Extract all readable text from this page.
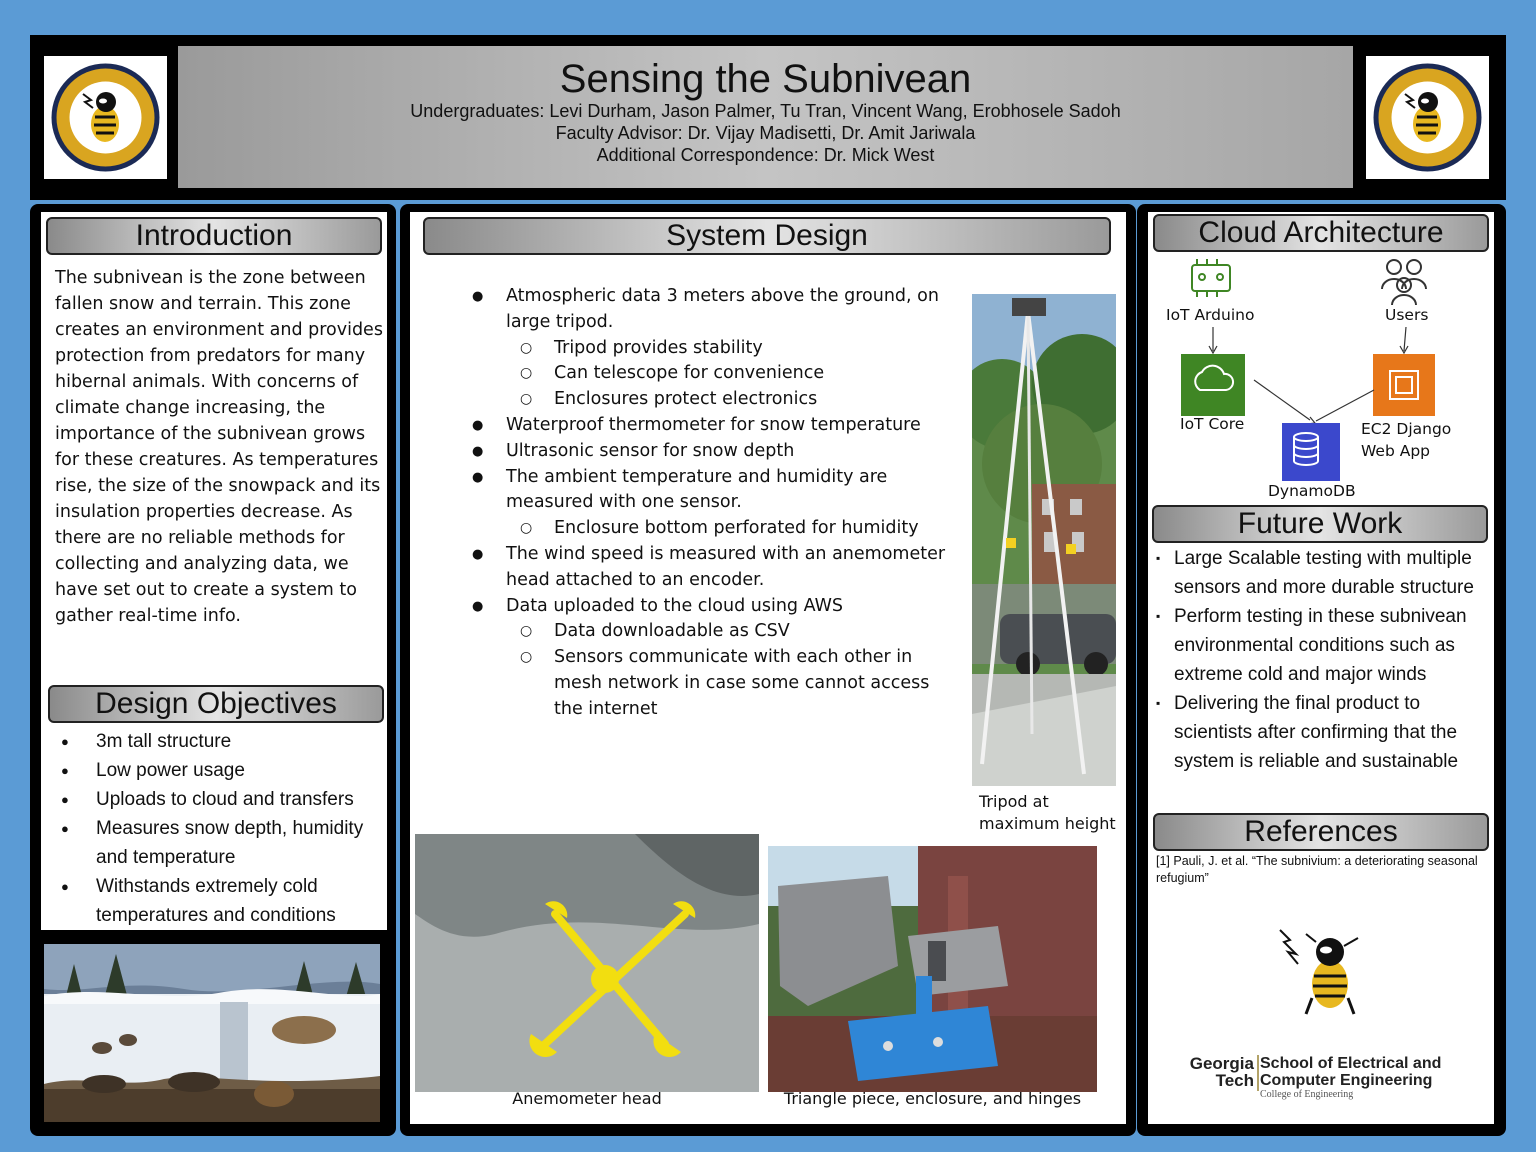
Sensing the Subnivean
Undergraduates: Levi Durham, Jason Palmer, Tu Tran, Vincent Wang, Erobhosele Sadoh
Faculty Advisor: Dr. Vijay Madisetti, Dr. Amit Jariwala
Additional Correspondence: Dr. Mick West
Introduction
The subnivean is the zone between
fallen snow and terrain. This zone
creates an environment and provides
protection from predators for many
hibernal animals. With concerns of
climate change increasing, the
importance of the subnivean grows
for these creatures. As temperatures
rise, the size of the snowpack and its
insulation properties decrease. As
there are no reliable methods for
collecting and analyzing data, we
have set out to create a system to
gather real-time info.
Design Objectives
● 3m tall structure
● Low power usage
● Uploads to cloud and transfers
● Measures snow depth, humidity and temperature
● Withstands extremely cold temperatures and conditions
System Design
● Atmospheric data 3 meters above the ground, on large tripod.
○ Tripod provides stability
○ Can telescope for convenience
○ Enclosures protect electronics
● Waterproof thermometer for snow temperature
● Ultrasonic sensor for snow depth
● The ambient temperature and humidity are measured with one sensor.
○ Enclosure bottom perforated for humidity
● The wind speed is measured with an anemometer head attached to an encoder.
● Data uploaded to the cloud using AWS
○ Data downloadable as CSV
○ Sensors communicate with each other in mesh network in case some cannot access the internet
Tripod at maximum height
Anemometer head	Triangle piece, enclosure, and hinges
Cloud Architecture
IoT Arduino	Users
IoT Core	EC2 Django
Web App
DynamoDB
Future Work
▪ Large Scalable testing with multiple sensors and more durable structure
▪ Perform testing in these subnivean environmental conditions such as extreme cold and major winds
▪ Delivering the final product to scientists after confirming that the system is reliable and sustainable
References
[1] Pauli, J. et al. “The subnivium: a deteriorating seasonal refugium”
Georgia
Tech
School of Electrical and
Computer Engineering
College of Engineering
